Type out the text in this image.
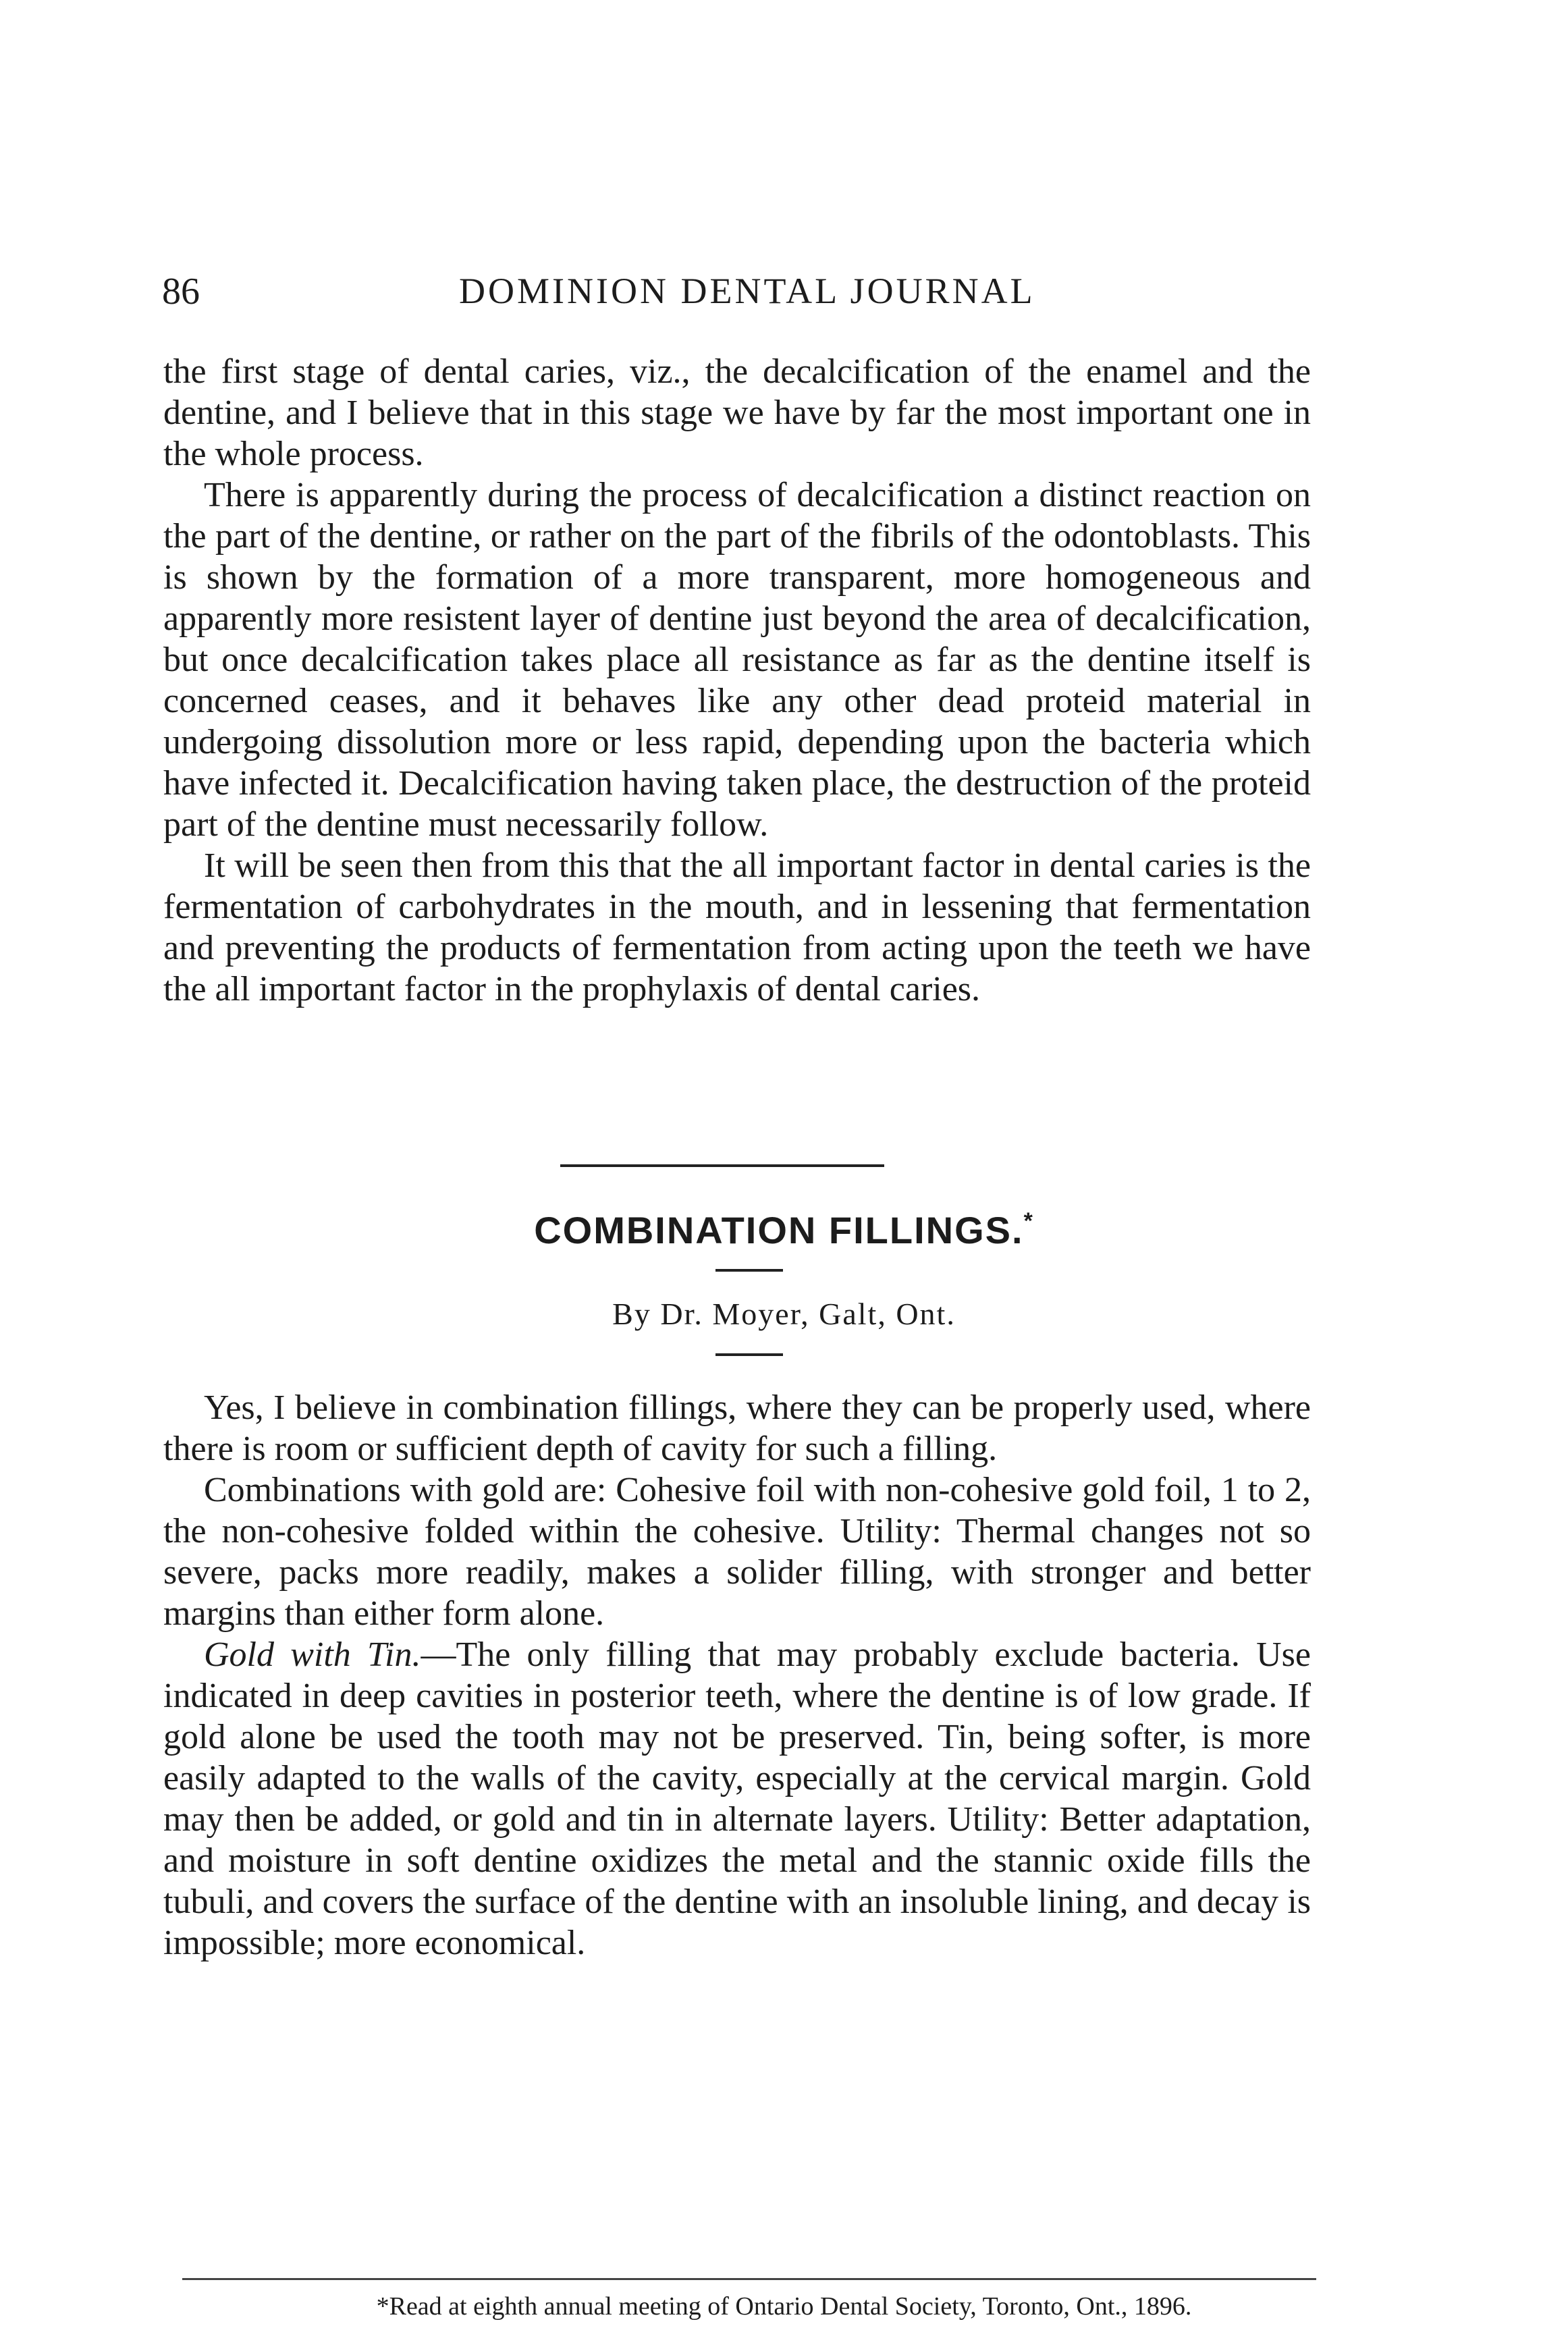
86	DOMINION DENTAL JOURNAL

the first stage of dental caries, viz., the decalcification of the enamel and the dentine, and I believe that in this stage we have by far the most important one in the whole process.

There is apparently during the process of decalcification a distinct reaction on the part of the dentine, or rather on the part of the fibrils of the odontoblasts. This is shown by the formation of a more transparent, more homogeneous and apparently more resistent layer of dentine just beyond the area of decalcification, but once decalcification takes place all resistance as far as the dentine itself is concerned ceases, and it behaves like any other dead proteid material in undergoing dissolution more or less rapid, depending upon the bacteria which have infected it. Decalcification having taken place, the destruction of the proteid part of the dentine must necessarily follow.

It will be seen then from this that the all important factor in dental caries is the fermentation of carbohydrates in the mouth, and in lessening that fermentation and preventing the products of fermentation from acting upon the teeth we have the all important factor in the prophylaxis of dental caries.

COMBINATION FILLINGS.*
By Dr. Moyer, Galt, Ont.

Yes, I believe in combination fillings, where they can be properly used, where there is room or sufficient depth of cavity for such a filling.

Combinations with gold are: Cohesive foil with non-cohesive gold foil, 1 to 2, the non-cohesive folded within the cohesive. Utility: Thermal changes not so severe, packs more readily, makes a solider filling, with stronger and better margins than either form alone.

Gold with Tin.—The only filling that may probably exclude bacteria. Use indicated in deep cavities in posterior teeth, where the dentine is of low grade. If gold alone be used the tooth may not be preserved. Tin, being softer, is more easily adapted to the walls of the cavity, especially at the cervical margin. Gold may then be added, or gold and tin in alternate layers. Utility: Better adaptation, and moisture in soft dentine oxidizes the metal and the stannic oxide fills the tubuli, and covers the surface of the dentine with an insoluble lining, and decay is impossible; more economical.

*Read at eighth annual meeting of Ontario Dental Society, Toronto, Ont., 1896.
